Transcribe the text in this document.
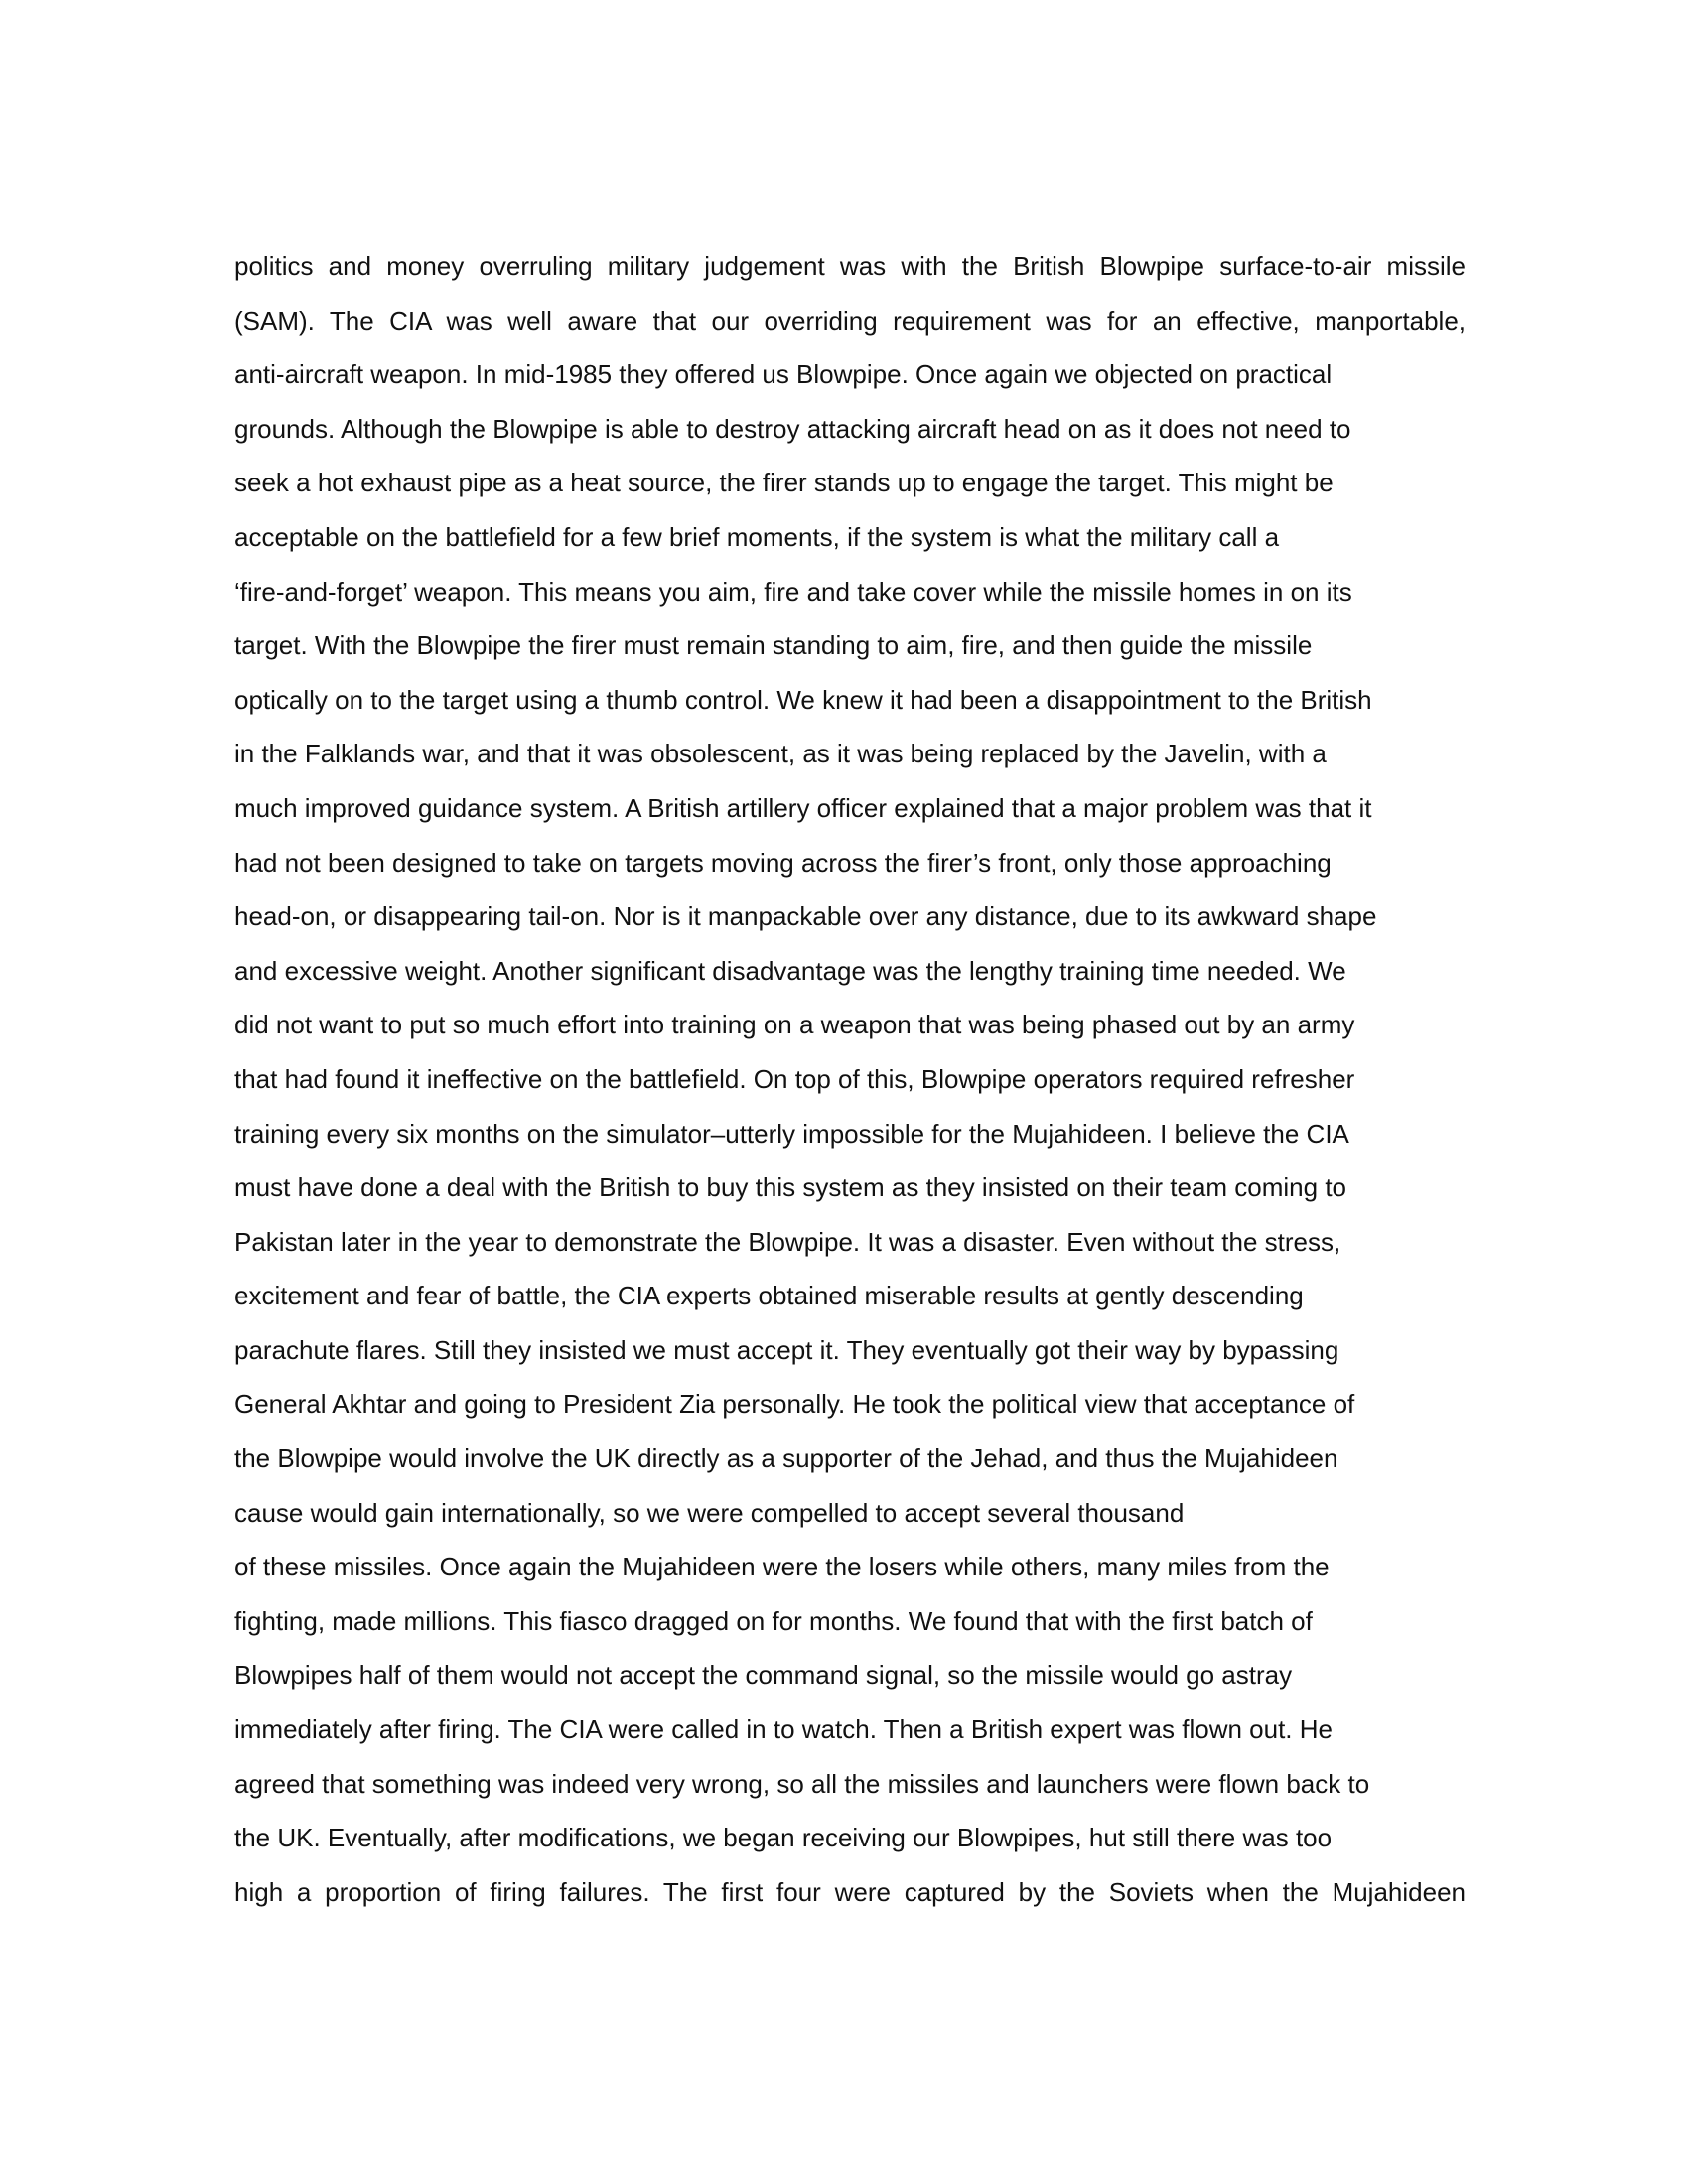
politics and money overruling military judgement was with the British Blowpipe surface-to-air missile
(SAM). The CIA was well aware that our overriding requirement was for an effective, manportable,
anti-aircraft weapon. In mid-1985 they offered us Blowpipe. Once again we objected on practical
grounds. Although the Blowpipe is able to destroy attacking aircraft head on as it does not need to
seek a hot exhaust pipe as a heat source, the firer stands up to engage the target. This might be
acceptable on the battlefield for a few brief moments, if the system is what the military call a
‘fire-and-forget’ weapon. This means you aim, fire and take cover while the missile homes in on its
target. With the Blowpipe the firer must remain standing to aim, fire, and then guide the missile
optically on to the target using a thumb control. We knew it had been a disappointment to the British
in the Falklands war, and that it was obsolescent, as it was being replaced by the Javelin, with a
much improved guidance system. A British artillery officer explained that a major problem was that it
had not been designed to take on targets moving across the firer’s front, only those approaching
head-on, or disappearing tail-on. Nor is it manpackable over any distance, due to its awkward shape
and excessive weight. Another significant disadvantage was the lengthy training time needed. We
did not want to put so much effort into training on a weapon that was being phased out by an army
that had found it ineffective on the battlefield. On top of this, Blowpipe operators required refresher
training every six months on the simulator–utterly impossible for the Mujahideen. I believe the CIA
must have done a deal with the British to buy this system as they insisted on their team coming to
Pakistan later in the year to demonstrate the Blowpipe. It was a disaster. Even without the stress,
excitement and fear of battle, the CIA experts obtained miserable results at gently descending
parachute flares. Still they insisted we must accept it. They eventually got their way by bypassing
General Akhtar and going to President Zia personally. He took the political view that acceptance of
the Blowpipe would involve the UK directly as a supporter of the Jehad, and thus the Mujahideen
cause would gain internationally, so we were compelled to accept several thousand
of these missiles. Once again the Mujahideen were the losers while others, many miles from the
fighting, made millions. This fiasco dragged on for months. We found that with the first batch of
Blowpipes half of them would not accept the command signal, so the missile would go astray
immediately after firing. The CIA were called in to watch. Then a British expert was flown out. He
agreed that something was indeed very wrong, so all the missiles and launchers were flown back to
the UK. Eventually, after modifications, we began receiving our Blowpipes, hut still there was too
high a proportion of firing failures. The first four were captured by the Soviets when the Mujahideen
